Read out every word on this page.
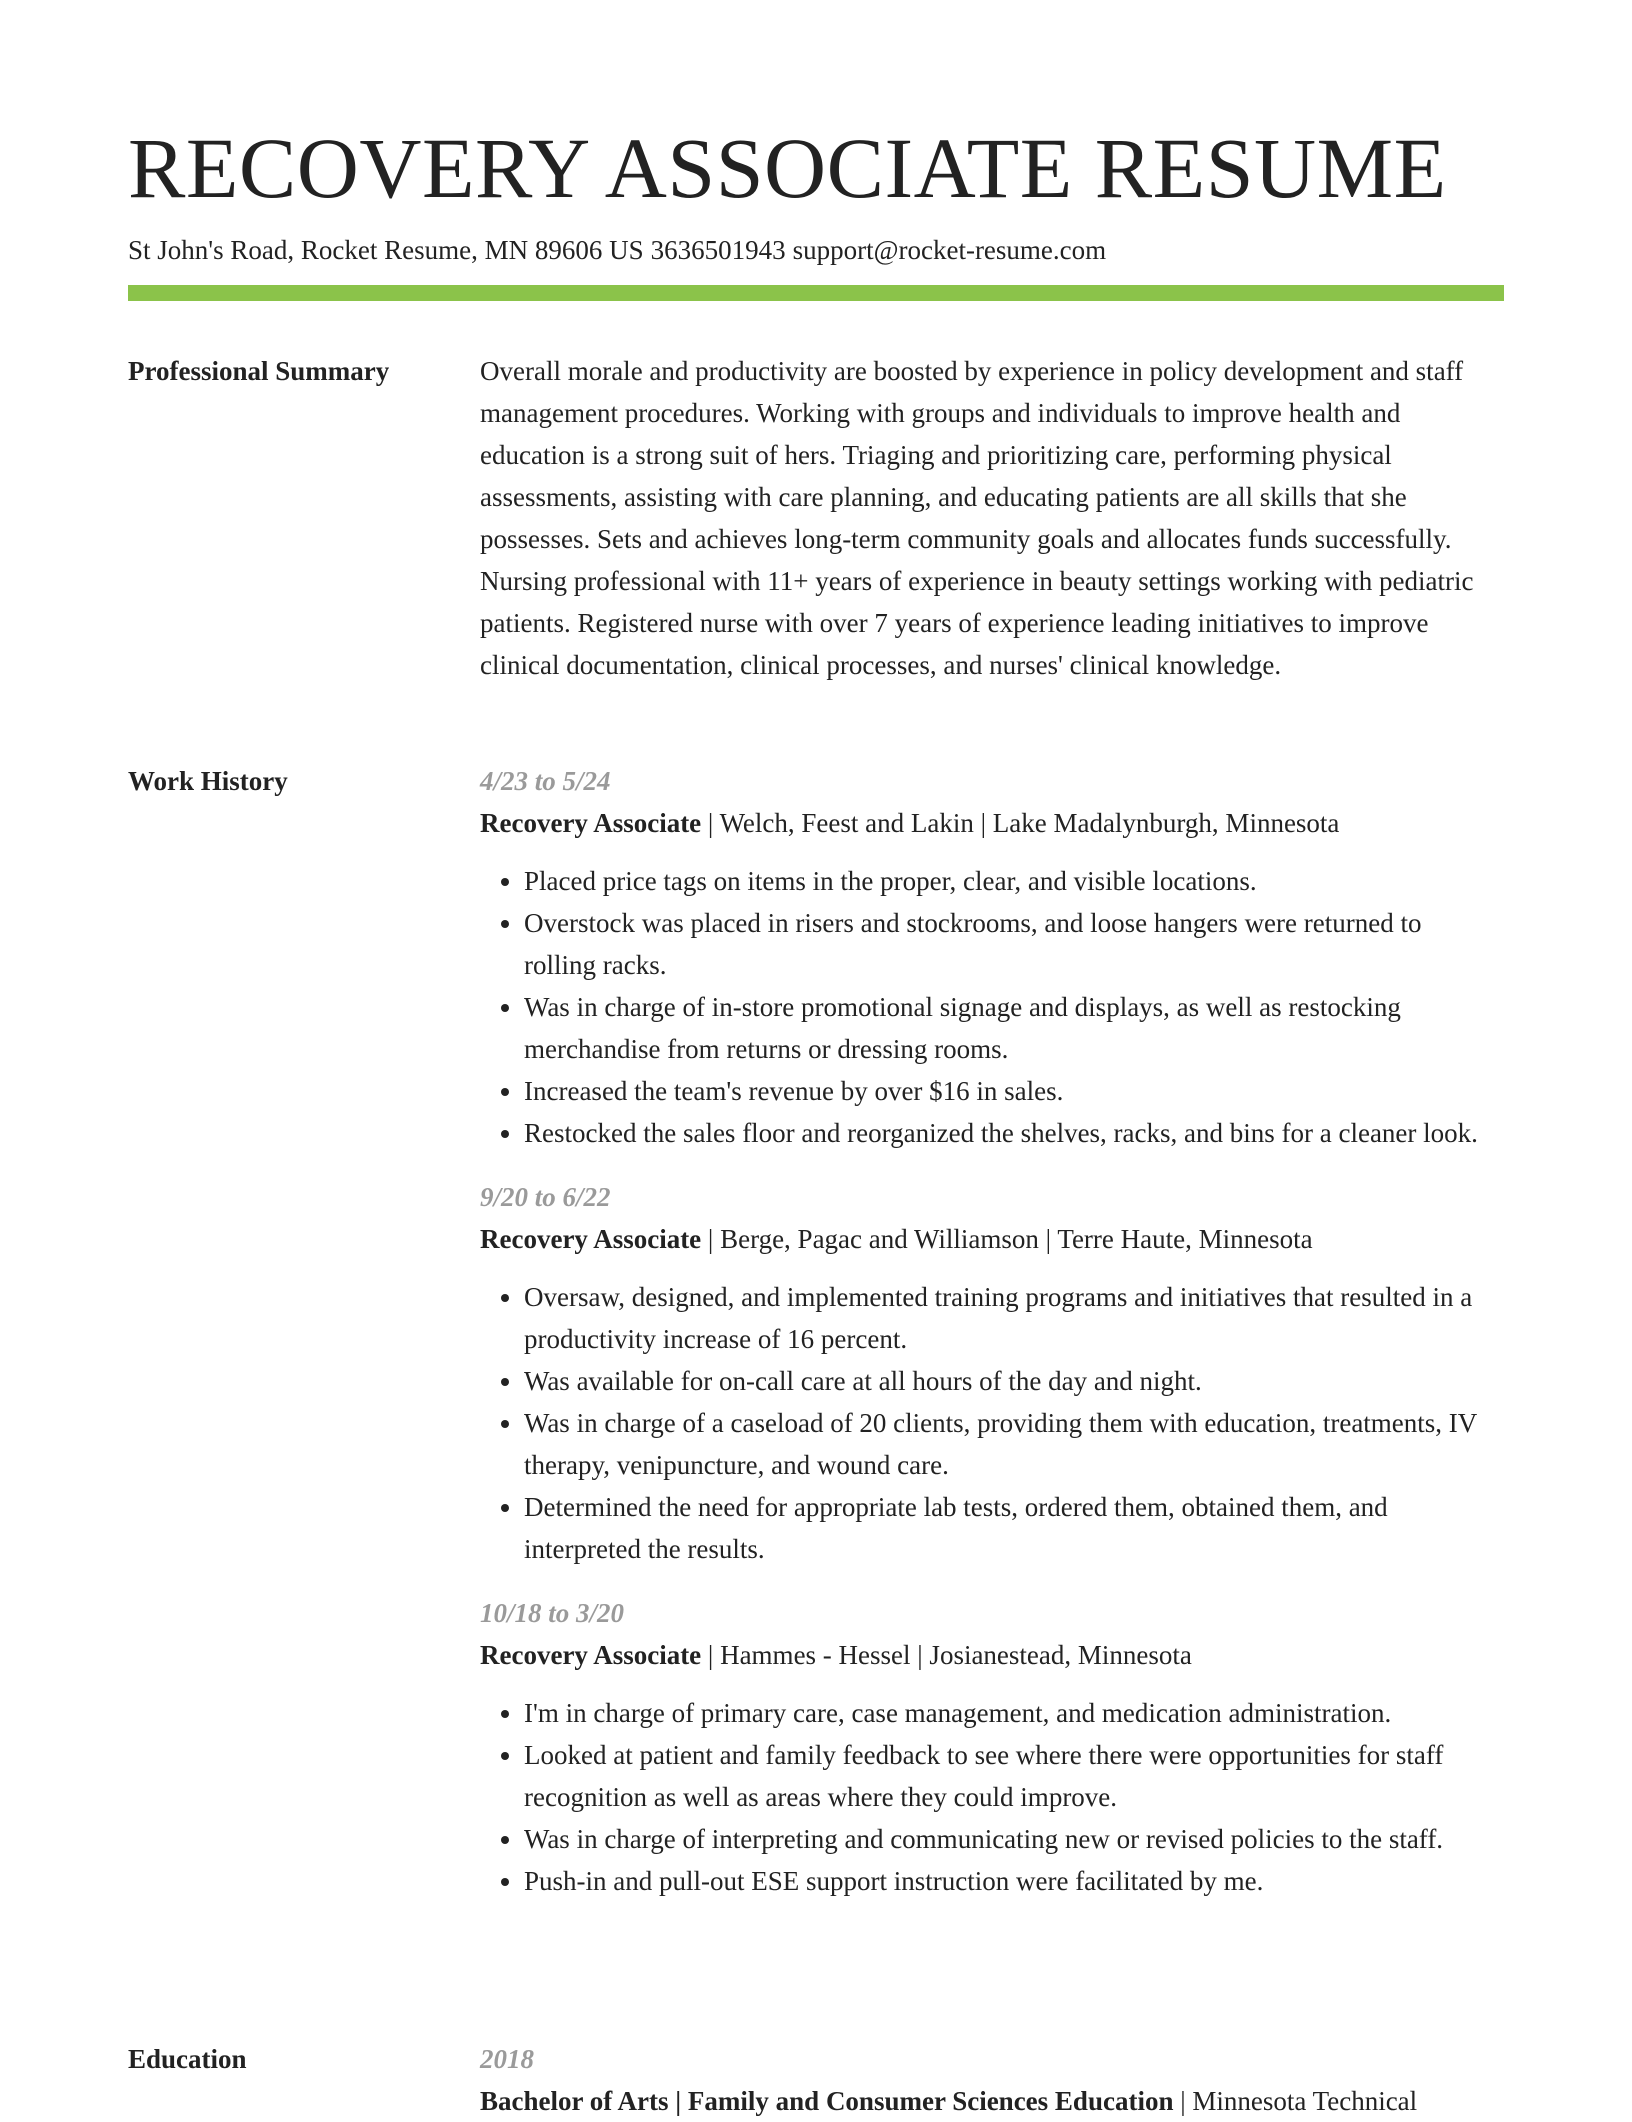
RECOVERY ASSOCIATE RESUME
St John's Road, Rocket Resume, MN 89606 US 3636501943 support@rocket-resume.com
Professional Summary	Overall morale and productivity are boosted by experience in policy development and staff management procedures. Working with groups and individuals to improve health and education is a strong suit of hers. Triaging and prioritizing care, performing physical assessments, assisting with care planning, and educating patients are all skills that she possesses. Sets and achieves long-term community goals and allocates funds successfully. Nursing professional with 11+ years of experience in beauty settings working with pediatric patients. Registered nurse with over 7 years of experience leading initiatives to improve clinical documentation, clinical processes, and nurses' clinical knowledge.

Work History	4/23 to 5/24
Recovery Associate | Welch, Feest and Lakin | Lake Madalynburgh, Minnesota
• Placed price tags on items in the proper, clear, and visible locations.
• Overstock was placed in risers and stockrooms, and loose hangers were returned to rolling racks.
• Was in charge of in-store promotional signage and displays, as well as restocking merchandise from returns or dressing rooms.
• Increased the team's revenue by over $16 in sales.
• Restocked the sales floor and reorganized the shelves, racks, and bins for a cleaner look.
9/20 to 6/22
Recovery Associate | Berge, Pagac and Williamson | Terre Haute, Minnesota
• Oversaw, designed, and implemented training programs and initiatives that resulted in a productivity increase of 16 percent.
• Was available for on-call care at all hours of the day and night.
• Was in charge of a caseload of 20 clients, providing them with education, treatments, IV therapy, venipuncture, and wound care.
• Determined the need for appropriate lab tests, ordered them, obtained them, and interpreted the results.
10/18 to 3/20
Recovery Associate | Hammes - Hessel | Josianestead, Minnesota
• I'm in charge of primary care, case management, and medication administration.
• Looked at patient and family feedback to see where there were opportunities for staff recognition as well as areas where they could improve.
• Was in charge of interpreting and communicating new or revised policies to the staff.
• Push-in and pull-out ESE support instruction were facilitated by me.
Education	2018
Bachelor of Arts | Family and Consumer Sciences Education | Minnesota Technical
